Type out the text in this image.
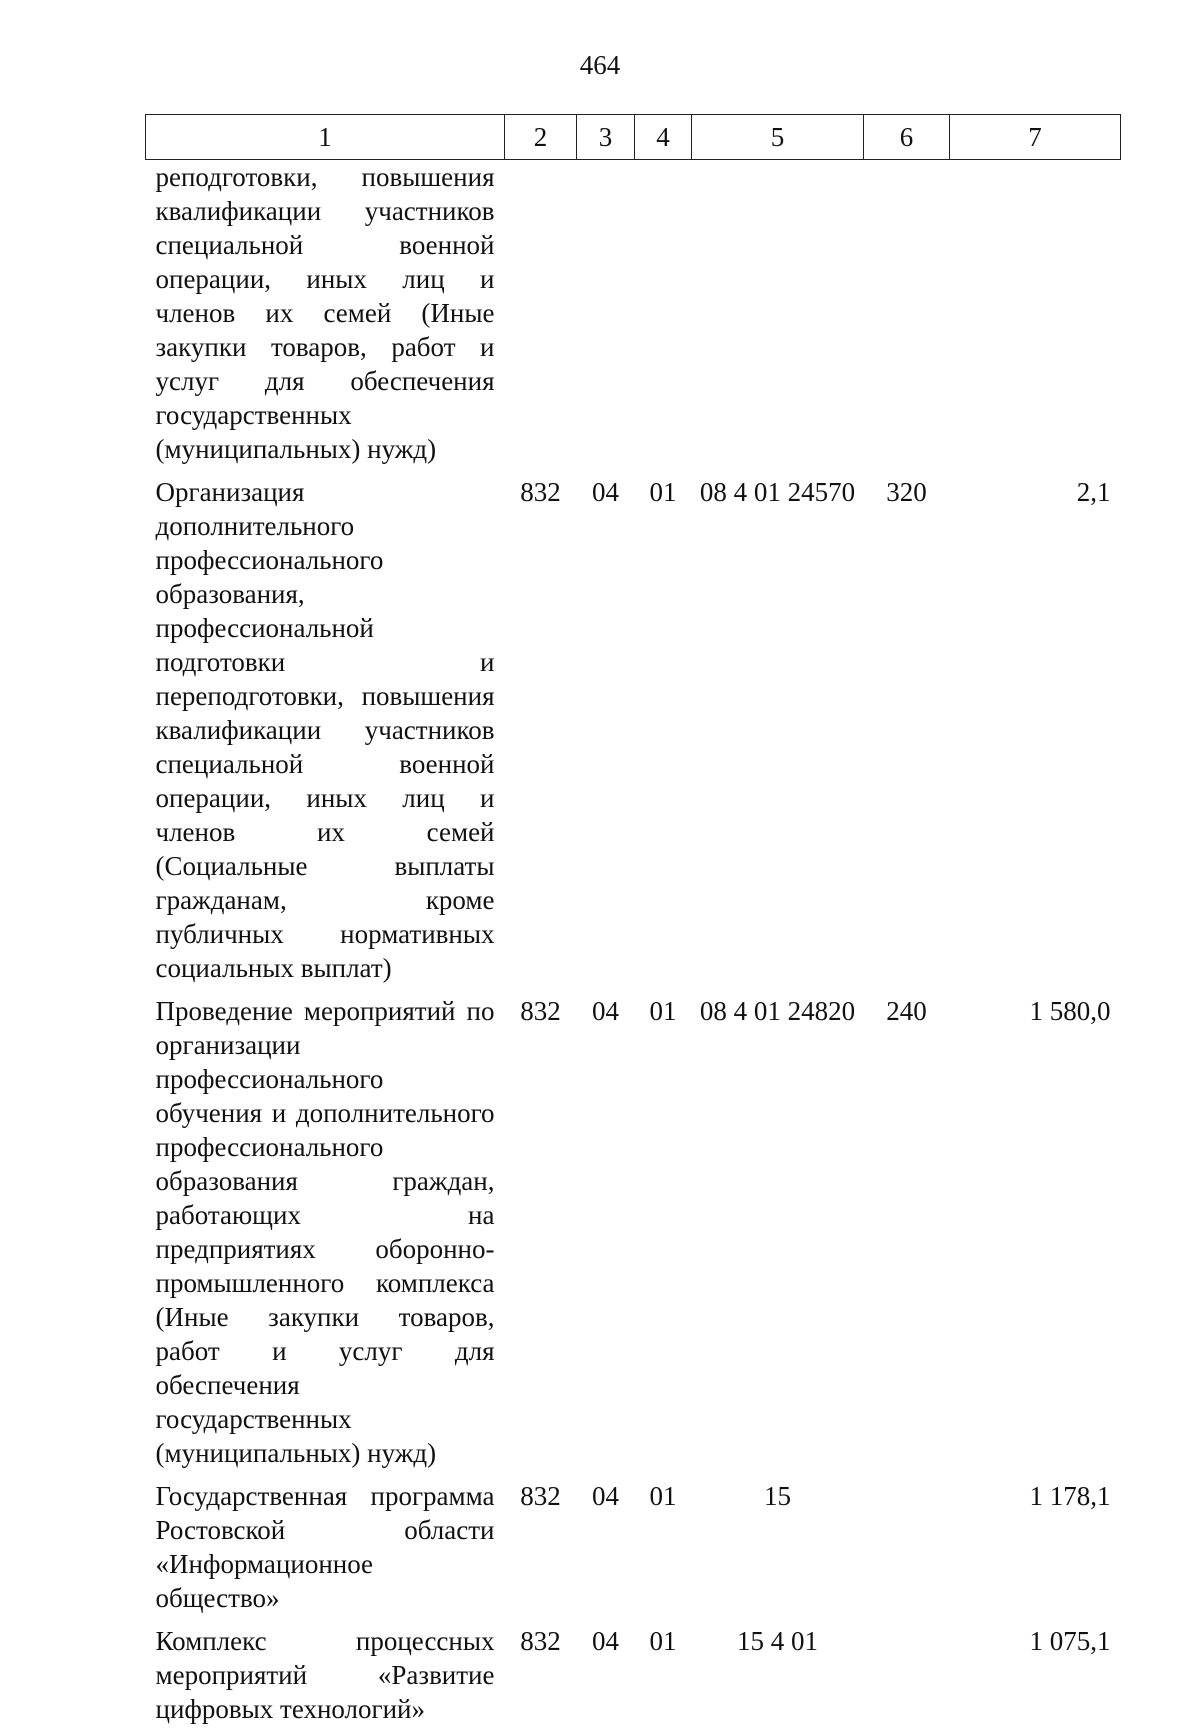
464
1	2	3	4	5	6	7
реподготовки, повышения квалификации участников специальной военной операции, иных лиц и членов их семей (Иные закупки товаров, работ и услуг для обеспечения государственных (муниципальных) нужд)						
Организация дополнительного профессионального образования, профессиональной подготовки и переподготовки, повышения квалификации участников специальной военной операции, иных лиц и членов их семей (Социальные выплаты гражданам, кроме публичных нормативных социальных выплат)	832	04	01	08 4 01 24570	320	2,1
Проведение мероприятий по организации профессионального обучения и дополнительного профессионального образования граждан, работающих на предприятиях оборонно-промышленного комплекса (Иные закупки товаров, работ и услуг для обеспечения государственных (муниципальных) нужд)	832	04	01	08 4 01 24820	240	1 580,0
Государственная программа Ростовской области «Информационное общество»	832	04	01	15		1 178,1
Комплекс процессных мероприятий «Развитие цифровых технологий»	832	04	01	15 4 01		1 075,1
